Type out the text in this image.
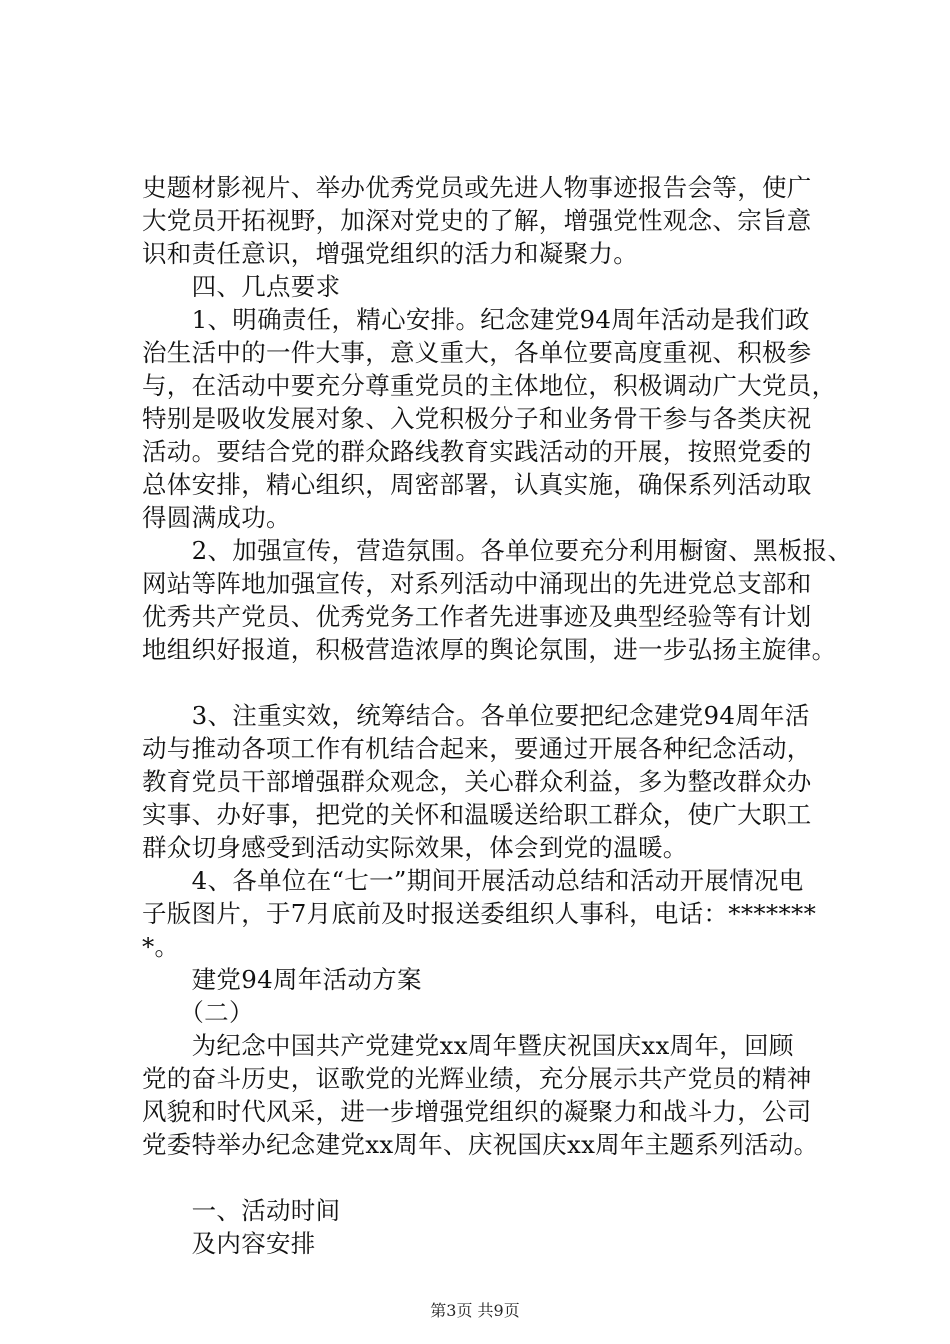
史题材影视片、举办优秀党员或先进人物事迹报告会等，使广
大党员开拓视野，加深对党史的了解，增强党性观念、宗旨意
识和责任意识，增强党组织的活力和凝聚力。
　　四、几点要求
　　1、明确责任，精心安排。纪念建党94周年活动是我们政
治生活中的一件大事，意义重大，各单位要高度重视、积极参
与，在活动中要充分尊重党员的主体地位，积极调动广大党员，
特别是吸收发展对象、入党积极分子和业务骨干参与各类庆祝
活动。要结合党的群众路线教育实践活动的开展，按照党委的
总体安排，精心组织，周密部署，认真实施，确保系列活动取
得圆满成功。
　　2、加强宣传，营造氛围。各单位要充分利用橱窗、黑板报、
网站等阵地加强宣传，对系列活动中涌现出的先进党总支部和
优秀共产党员、优秀党务工作者先进事迹及典型经验等有计划
地组织好报道，积极营造浓厚的舆论氛围，进一步弘扬主旋律。
　　3、注重实效，统筹结合。各单位要把纪念建党94周年活
动与推动各项工作有机结合起来，要通过开展各种纪念活动，
教育党员干部增强群众观念，关心群众利益，多为整改群众办
实事、办好事，把党的关怀和温暖送给职工群众，使广大职工
群众切身感受到活动实际效果，体会到党的温暖。
　　4、各单位在“七一”期间开展活动总结和活动开展情况电
子版图片，于7月底前及时报送委组织人事科，电话：*******
*。
　　建党94周年活动方案
　　（二）
　　为纪念中国共产党建党xx周年暨庆祝国庆xx周年，回顾
党的奋斗历史，讴歌党的光辉业绩，充分展示共产党员的精神
风貌和时代风采，进一步增强党组织的凝聚力和战斗力，公司
党委特举办纪念建党xx周年、庆祝国庆xx周年主题系列活动。
　　一、活动时间
　　及内容安排
第3页 共9页
